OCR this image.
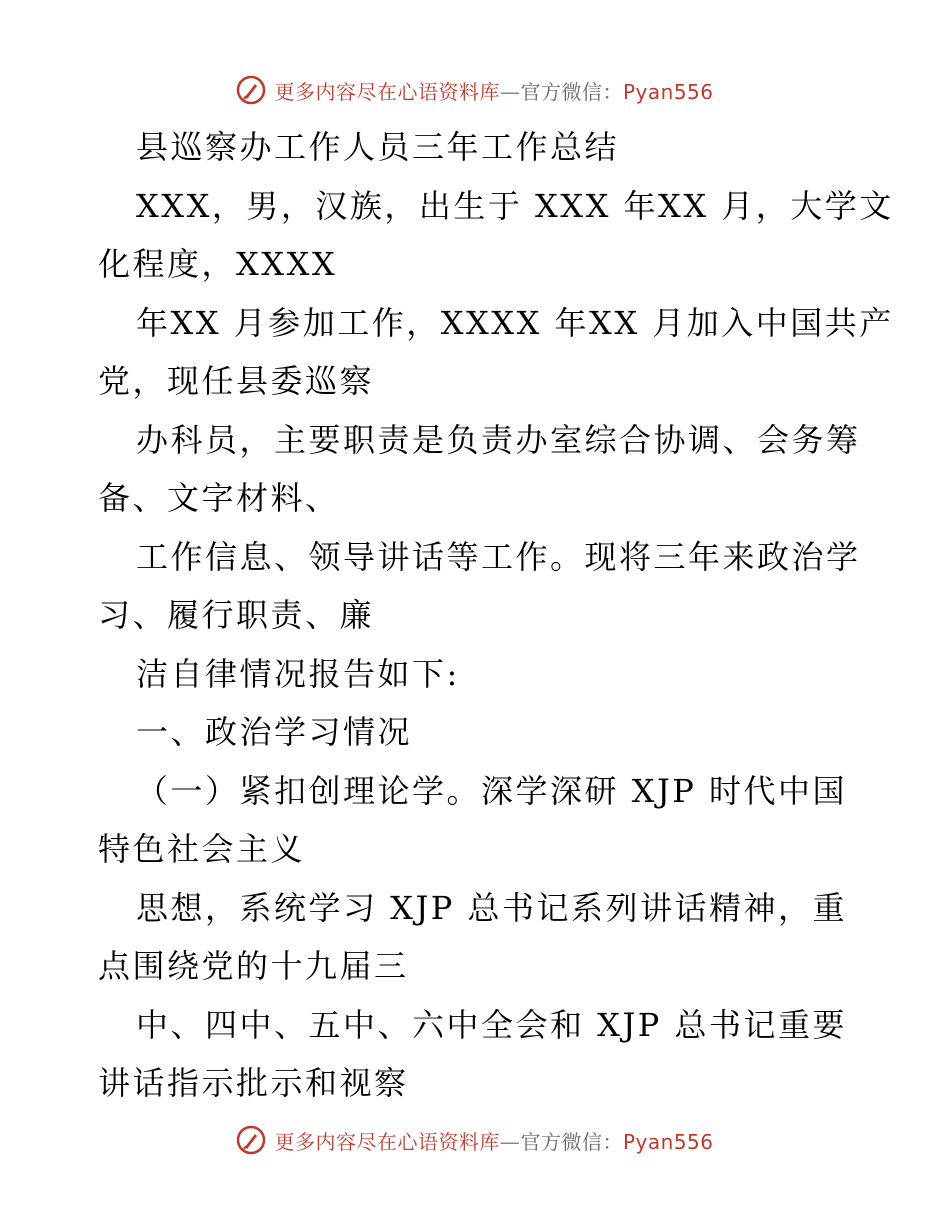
更多内容尽在心语资料库—官方微信：Pyan556
县巡察办工作人员三年工作总结
XXX，男，汉族，出生于 XXX 年XX 月，大学文
化程度，XXXX
年XX 月参加工作，XXXX 年XX 月加入中国共产
党，现任县委巡察
办科员，主要职责是负责办室综合协调、会务筹
备、文字材料、
工作信息、领导讲话等工作。现将三年来政治学
习、履行职责、廉
洁自律情况报告如下:
一、政治学习情况
（一）紧扣创理论学。深学深研 XJP 时代中国
特色社会主义
思想，系统学习 XJP 总书记系列讲话精神，重
点围绕党的十九届三
中、四中、五中、六中全会和 XJP 总书记重要
讲话指示批示和视察
更多内容尽在心语资料库—官方微信：Pyan556
